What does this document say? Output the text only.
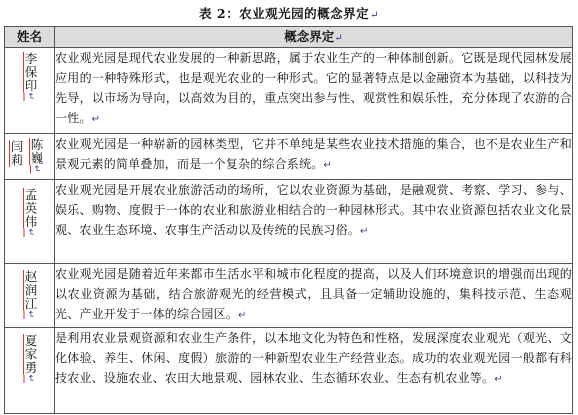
表 2：农业观光园的概念界定↵
姓名	概念界定↵

李保印↵	农业观光园是现代农业发展的一种新思路，属于农业生产的一种体制创新。它既是现代园林发展应用的一种特殊形式，也是观光农业的一种形式。它的显著特点是以金融资本为基础，以科技为先导，以市场为导向，以高效为目的，重点突出参与性、观赏性和娱乐性，充分体现了农游的合一性。↵

闫莉 陈巍↵	农业观光园是一种崭新的园林类型，它并不单纯是某些农业技术措施的集合，也不是农业生产和景观元素的简单叠加，而是一个复杂的综合系统。↵

孟英伟↵	农业观光园是开展农业旅游活动的场所，它以农业资源为基础，是融观赏、考察、学习、参与、娱乐、购物、度假于一体的农业和旅游业相结合的一种园林形式。其中农业资源包括农业文化景观、农业生态环境、农事生产活动以及传统的民族习俗。↵

赵润江↵	农业观光园是随着近年来都市生活水平和城市化程度的提高，以及人们环境意识的增强而出现的以农业资源为基础，结合旅游观光的经营模式，且具备一定辅助设施的，集科技示范、生态观光、产业开发于一体的综合园区。↵

夏家勇↵	是利用农业景观资源和农业生产条件，以本地文化为特色和性格，发展深度农业观光（观光、文化体验、养生、休闲、度假）旅游的一种新型农业生产经营业态。成功的农业观光园一般都有科技农业、设施农业、农田大地景观、园林农业、生态循环农业、生态有机农业等。↵
